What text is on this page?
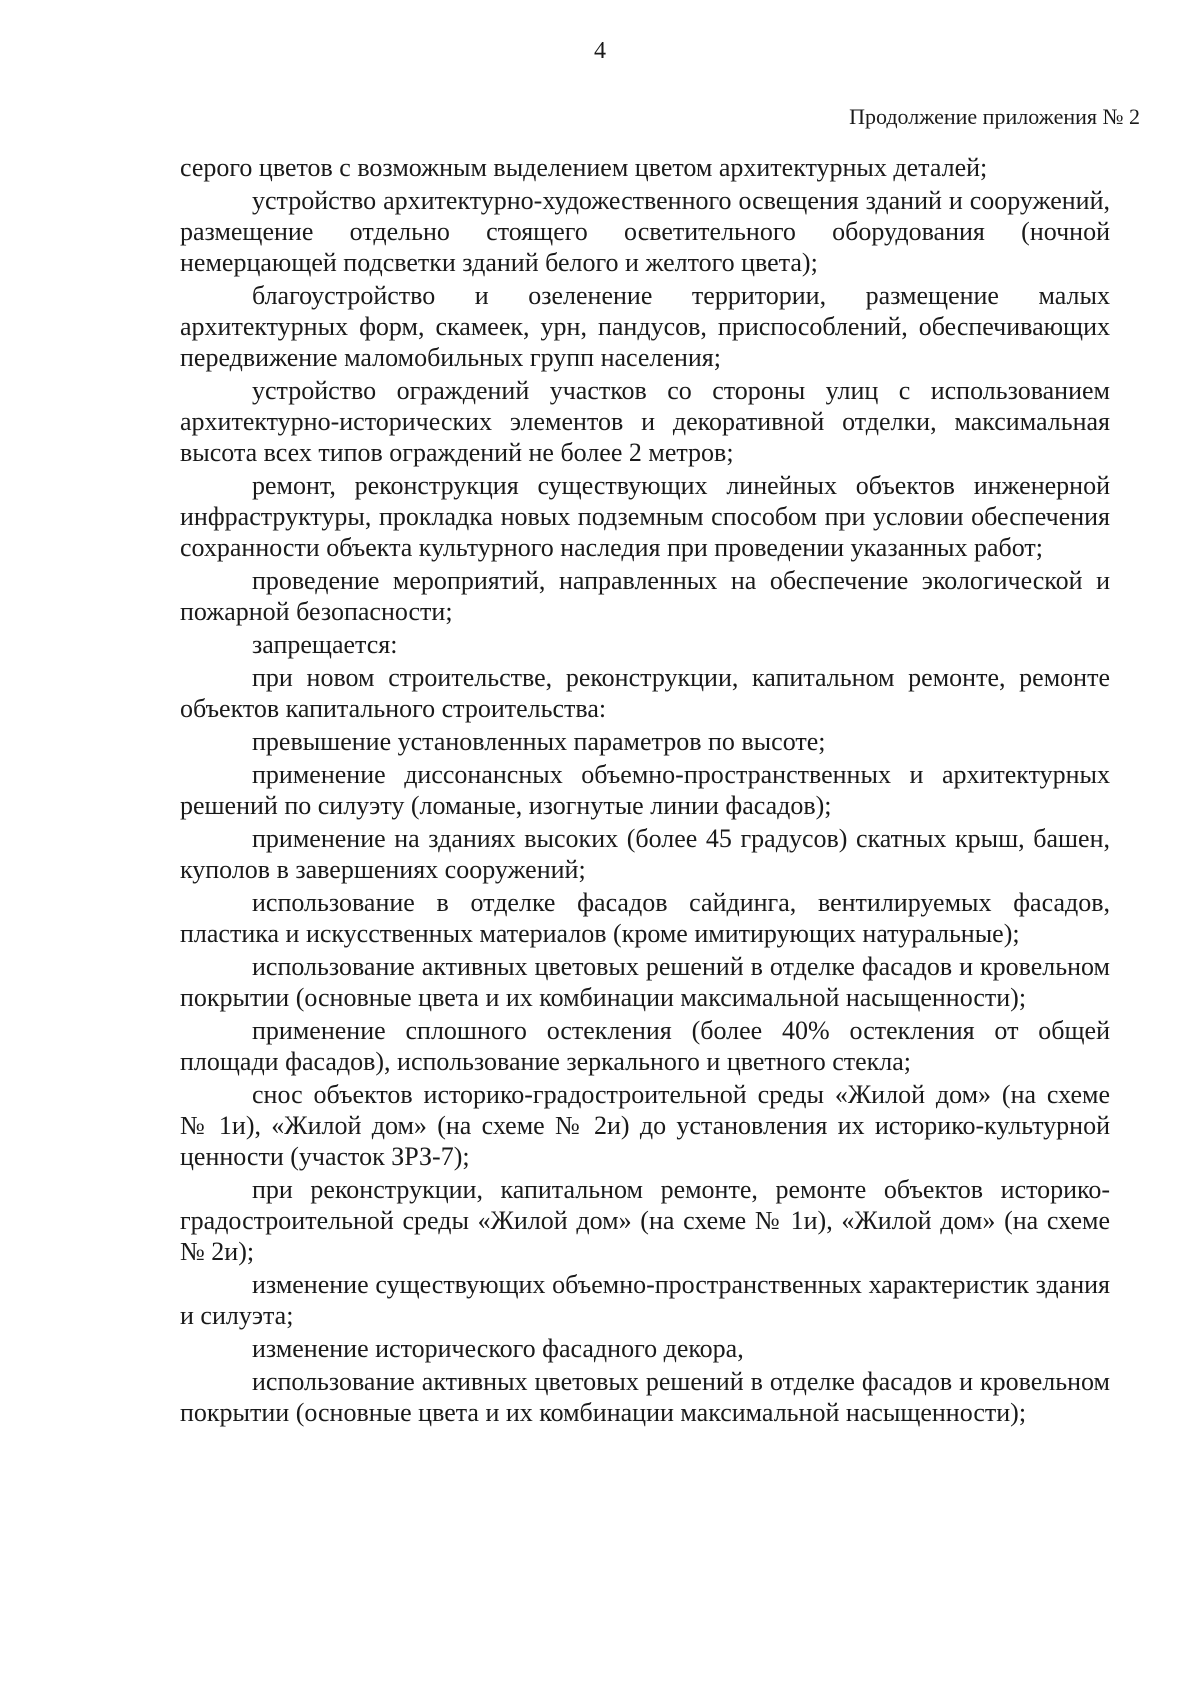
4
Продолжение приложения № 2

серого цветов с возможным выделением цветом архитектурных деталей;

устройство архитектурно-художественного освещения зданий и сооружений, размещение отдельно стоящего осветительного оборудования (ночной немерцающей подсветки зданий белого и желтого цвета);

благоустройство и озеленение территории, размещение малых архитектурных форм, скамеек, урн, пандусов, приспособлений, обеспечивающих передвижение маломобильных групп населения;

устройство ограждений участков со стороны улиц с использованием архитектурно-исторических элементов и декоративной отделки, максимальная высота всех типов ограждений не более 2 метров;

ремонт, реконструкция существующих линейных объектов инженерной инфраструктуры, прокладка новых подземным способом при условии обеспечения сохранности объекта культурного наследия при проведении указанных работ;

проведение мероприятий, направленных на обеспечение экологической и пожарной безопасности;

запрещается:

при новом строительстве, реконструкции, капитальном ремонте, ремонте объектов капитального строительства:

превышение установленных параметров по высоте;

применение диссонансных объемно-пространственных и архитектурных решений по силуэту (ломаные, изогнутые линии фасадов);

применение на зданиях высоких (более 45 градусов) скатных крыш, башен, куполов в завершениях сооружений;

использование в отделке фасадов сайдинга, вентилируемых фасадов, пластика и искусственных материалов (кроме имитирующих натуральные);

использование активных цветовых решений в отделке фасадов и кровельном покрытии (основные цвета и их комбинации максимальной насыщенности);

применение сплошного остекления (более 40% остекления от общей площади фасадов), использование зеркального и цветного стекла;

снос объектов историко-градостроительной среды «Жилой дом» (на схеме № 1и), «Жилой дом» (на схеме № 2и) до установления их историко-культурной ценности (участок ЗРЗ-7);

при реконструкции, капитальном ремонте, ремонте объектов историко-градостроительной среды «Жилой дом» (на схеме № 1и), «Жилой дом» (на схеме № 2и);

изменение существующих объемно-пространственных характеристик здания и силуэта;

изменение исторического фасадного декора,

использование активных цветовых решений в отделке фасадов и кровельном покрытии (основные цвета и их комбинации максимальной насыщенности);
